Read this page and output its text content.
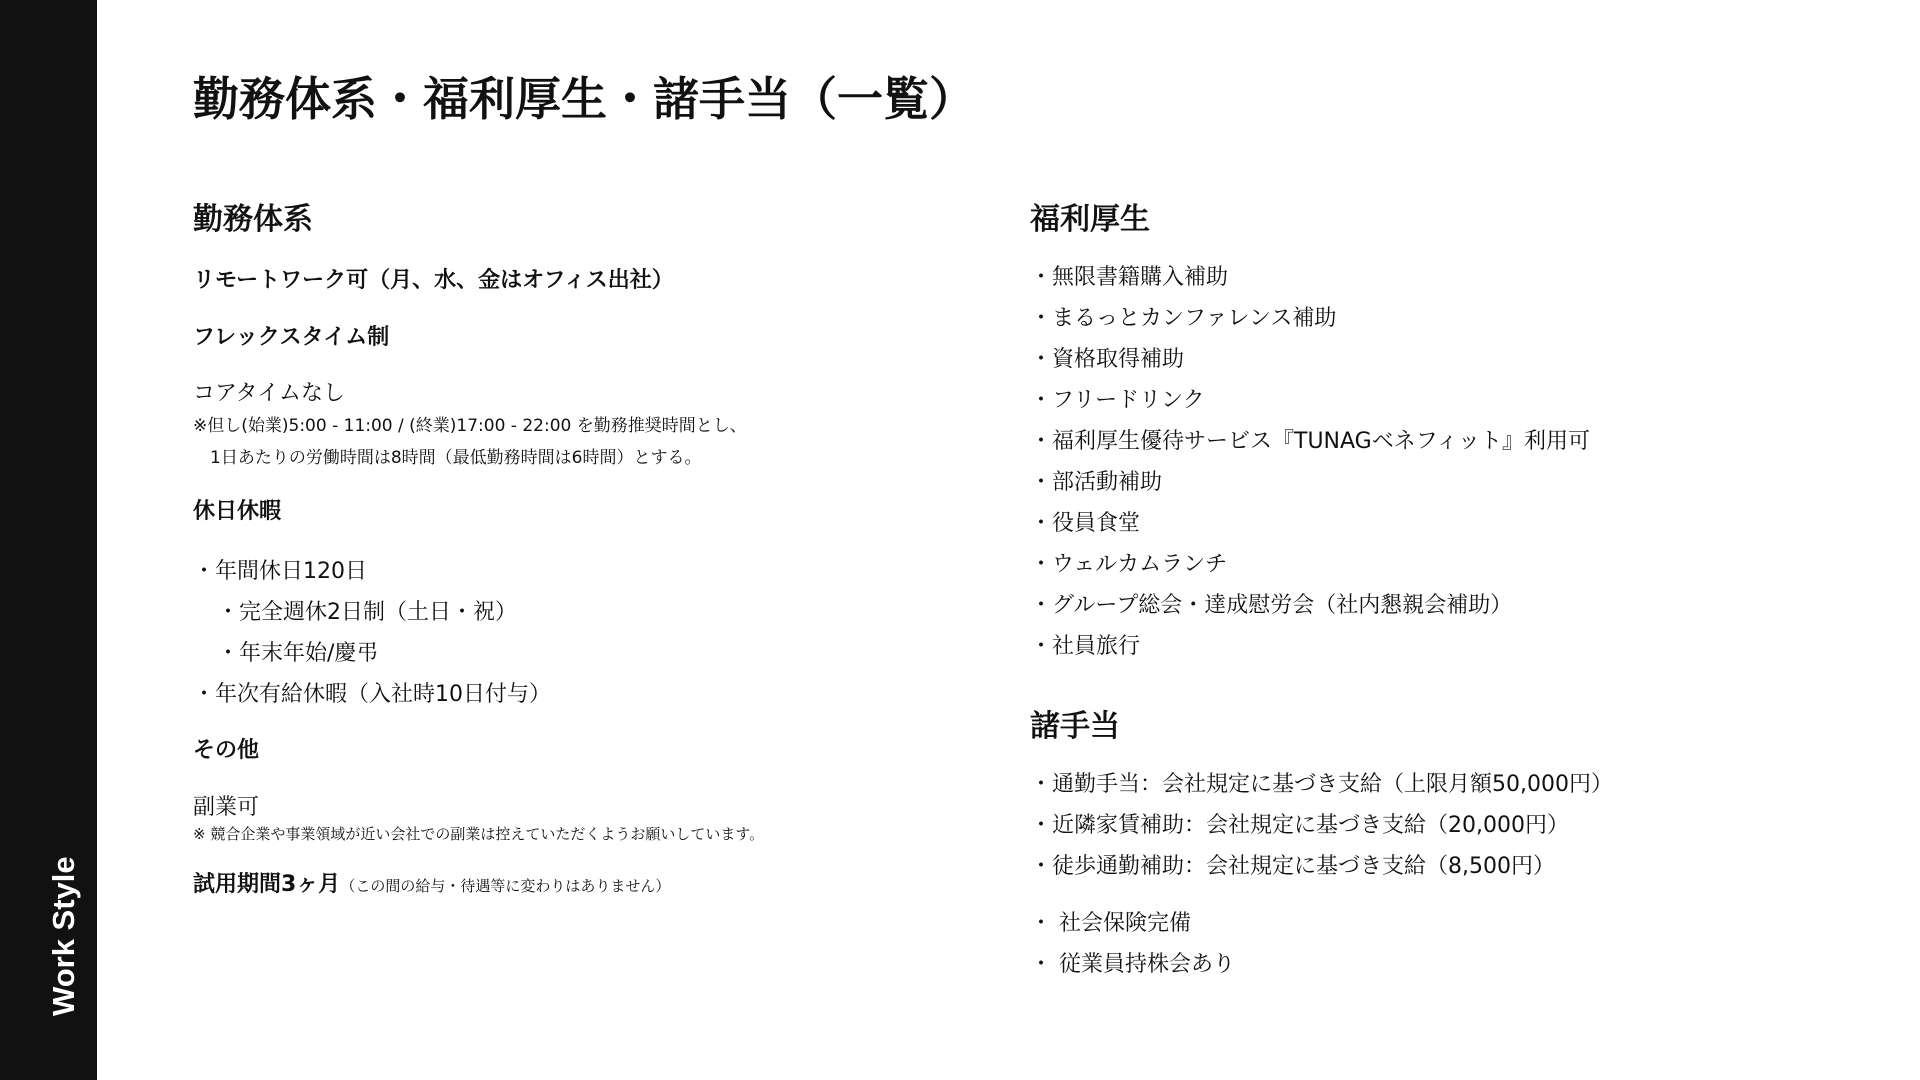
Work Style
勤務体系・福利厚生・諸手当（一覧）
勤務体系
リモートワーク可（月、水、金はオフィス出社）
フレックスタイム制
コアタイムなし
※但し(始業)5:00 - 11:00 / (終業)17:00 - 22:00 を勤務推奨時間とし、
　1日あたりの労働時間は8時間（最低勤務時間は6時間）とする。
休日休暇
・年間休日120日
・完全週休2日制（土日・祝）
・年末年始/慶弔
・年次有給休暇（入社時10日付与）
その他
副業可
※ 競合企業や事業領域が近い会社での副業は控えていただくようお願いしています。
試用期間3ヶ月（この間の給与・待遇等に変わりはありません）
福利厚生
・無限書籍購入補助
・まるっとカンファレンス補助
・資格取得補助
・フリードリンク
・福利厚生優待サービス『TUNAGベネフィット』利用可
・部活動補助
・役員食堂
・ウェルカムランチ
・グループ総会・達成慰労会（社内懇親会補助）
・社員旅行
諸手当
・通勤手当：会社規定に基づき支給（上限月額50,000円）
・近隣家賃補助：会社規定に基づき支給（20,000円）
・徒歩通勤補助：会社規定に基づき支給（8,500円）
・ 社会保険完備
・ 従業員持株会あり
